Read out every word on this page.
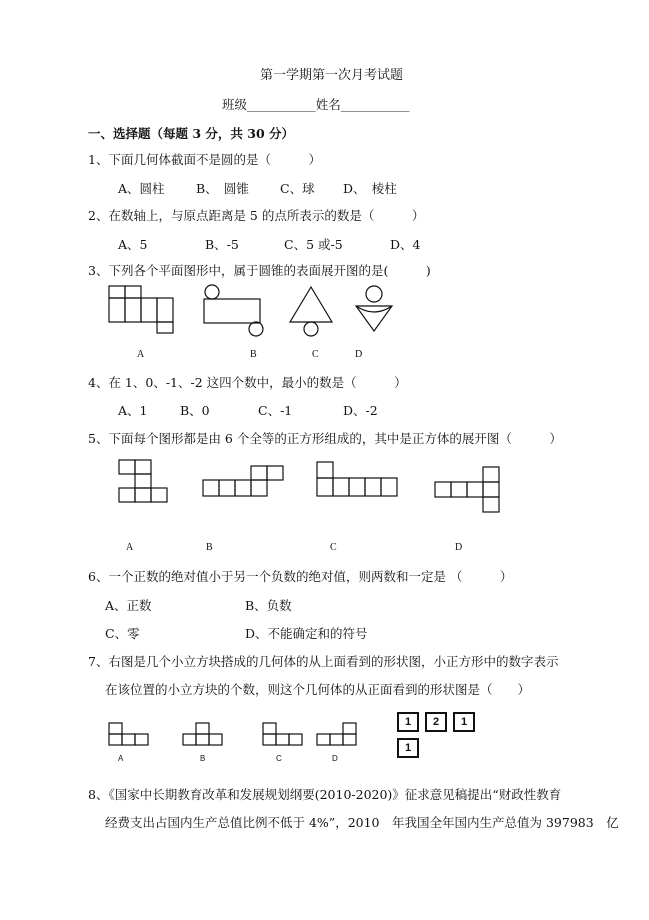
第一学期第一次月考试题
班级___________姓名___________
一、选择题（每题 3 分，共 30 分）
1、下面几何体截面不是圆的是（　　　）
A、圆柱	B、　圆锥 C、球 D、　棱柱
2、在数轴上，与原点距离是 5 的点所表示的数是（　　　）
A、5	B、-5	C、5 或-5	D、4
3、下列各个平面图形中，属于圆锥的表面展开图的是(　　　)
A	B	C	D
4、在 1、0、-1、-2 这四个数中，最小的数是（　　　）
A、1	B、0	C、-1	D、-2
5、下面每个图形都是由 6 个全等的正方形组成的，其中是正方体的展开图（　　　）
A	B	C	D
6、一个正数的绝对值小于另一个负数的绝对值，则两数和一定是 （　　　）
A、正数	B、负数
C、零	D、不能确定和的符号
7、右图是几个小立方块搭成的几何体的从上面看到的形状图，小正方形中的数字表示
在该位置的小立方块的个数，则这个几何体的从正面看到的形状图是（　　）
A	B	C	D
1	2	1
1
8、《国家中长期教育改革和发展规划纲要(2010-2020)》征求意见稿提出“财政性教育
经费支出占国内生产总值比例不低于 4%”，2010　年我国全年国内生产总值为 397983　亿
